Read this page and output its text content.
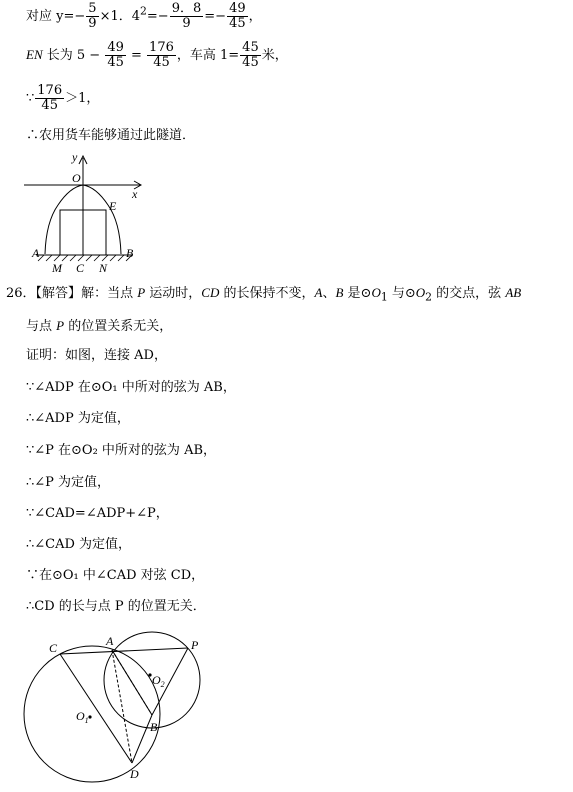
对应 $y=- \frac{5}{9} \times 1$．$4^2=- \frac{9.8}{9} =- \frac{49}{45}$ ，
EN 长为 $5 - \frac{49}{45} = \frac{176}{45}$ ，车高 $1= \frac{45}{45}$ 米，
∵ $\frac{176}{45} >1$，
∴农用货车能够通过此隧道．
y
O
x
E
A	B
M C N
26．【解答】解：当点 P 运动时，CD 的长保持不变，A、B 是$⊙O_1$ 与$⊙O_2$ 的交点，弦 AB
与点 P 的位置关系无关，
证明：如图，连接 AD，
∵∠ADP 在⊙O₁ 中所对的弦为 AB，
∴∠ADP 为定值，
∵∠P 在⊙O₂ 中所对的弦为 AB，
∴∠P 为定值，
∵∠CAD=∠ADP+∠P，
∴∠CAD 为定值，
∵在⊙O₁ 中∠CAD 对弦 CD，
∴CD 的长与点 P 的位置无关．
C	A	P
$O_2$
$O_1$	B
D
